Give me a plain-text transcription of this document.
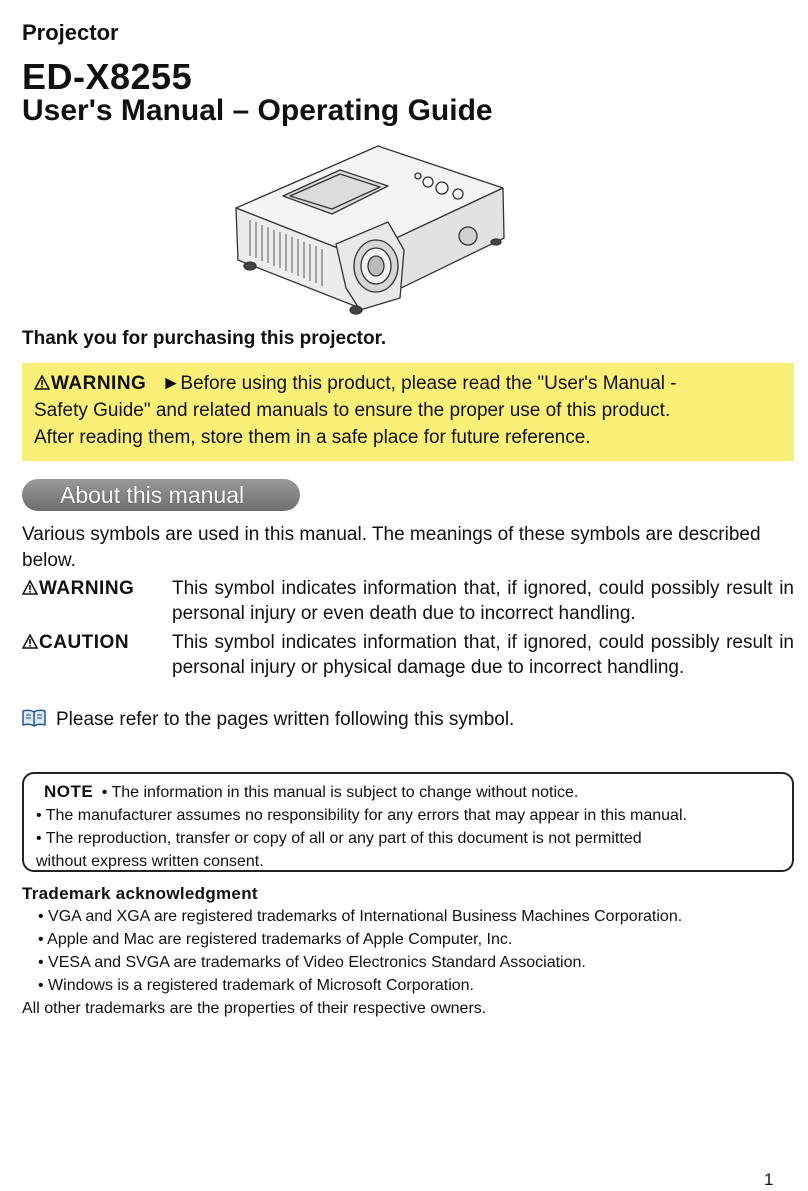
Projector
ED-X8255
User's Manual – Operating Guide
Thank you for purchasing this projector.
WARNING ►Before using this product, please read the "User's Manual -
Safety Guide" and related manuals to ensure the proper use of this product.
After reading them, store them in a safe place for future reference.
About this manual
Various symbols are used in this manual. The meanings of these symbols are described below.
WARNING This symbol indicates information that, if ignored, could possibly result in personal injury or even death due to incorrect handling.
CAUTION This symbol indicates information that, if ignored, could possibly result in personal injury or physical damage due to incorrect handling.
Please refer to the pages written following this symbol.
NOTE • The information in this manual is subject to change without notice.
• The manufacturer assumes no responsibility for any errors that may appear in this manual.
• The reproduction, transfer or copy of all or any part of this document is not permitted
without express written consent.
Trademark acknowledgment
• VGA and XGA are registered trademarks of International Business Machines Corporation.
• Apple and Mac are registered trademarks of Apple Computer, Inc.
• VESA and SVGA are trademarks of Video Electronics Standard Association.
• Windows is a registered trademark of Microsoft Corporation.
All other trademarks are the properties of their respective owners.
1
